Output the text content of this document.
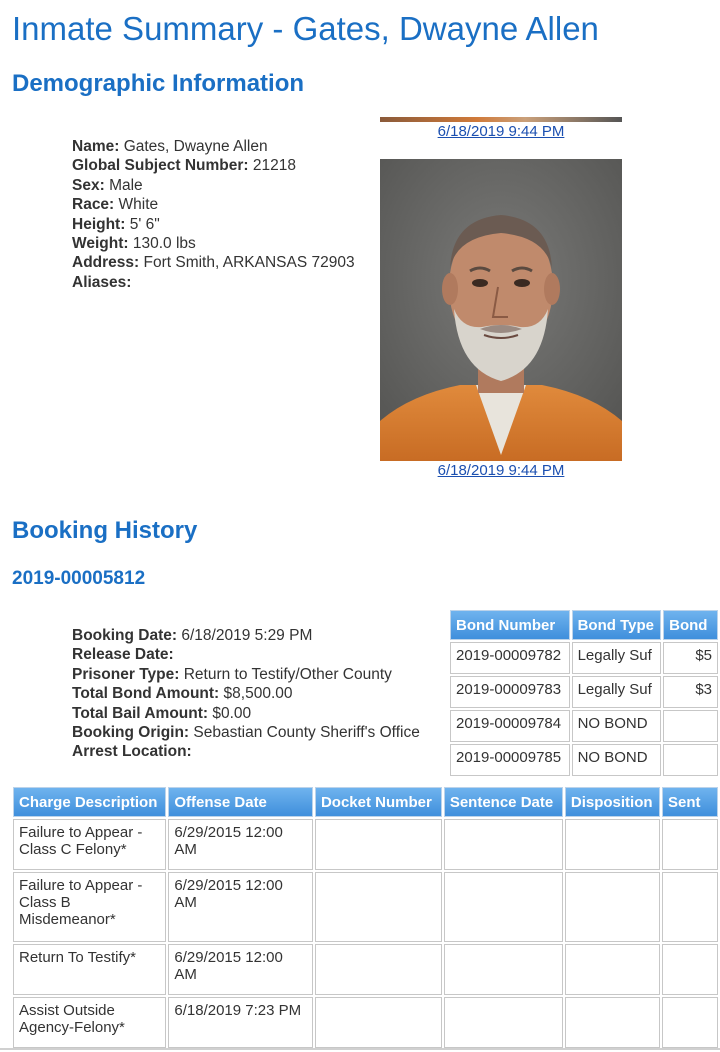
Inmate Summary - Gates, Dwayne Allen
Demographic Information
Name: Gates, Dwayne Allen
Global Subject Number: 21218
Sex: Male
Race: White
Height: 5' 6"
Weight: 130.0 lbs
Address: Fort Smith, ARKANSAS 72903
Aliases:
6/18/2019 9:44 PM
6/18/2019 9:44 PM
Booking History
2019-00005812
Booking Date: 6/18/2019 5:29 PM
Release Date:
Prisoner Type: Return to Testify/Other County
Total Bond Amount: $8,500.00
Total Bail Amount: $0.00
Booking Origin: Sebastian County Sheriff's Office
Arrest Location:
Bond Number	Bond Type	Bond
2019-00009782	Legally Suf	$5
2019-00009783	Legally Suf	$3
2019-00009784	NO BOND	
2019-00009785	NO BOND	
Charge Description	Offense Date	Docket Number	Sentence Date	Disposition	Sent
Failure to Appear - Class C Felony*	6/29/2015 12:00 AM				
Failure to Appear - Class B Misdemeanor*	6/29/2015 12:00 AM				
Return To Testify*	6/29/2015 12:00 AM				
Assist Outside Agency-Felony*	6/18/2019 7:23 PM				
